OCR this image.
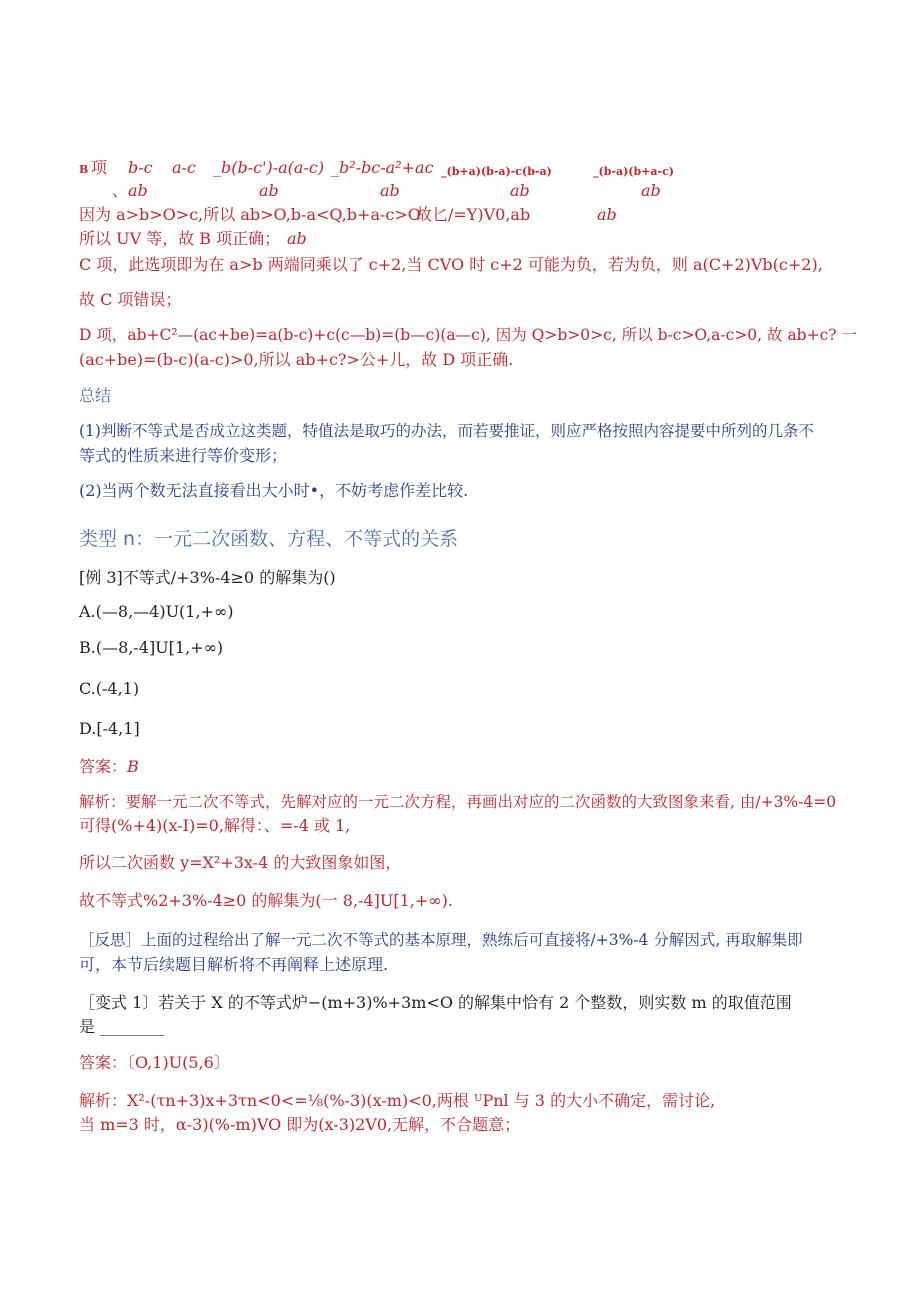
B 项 b-c a-c _b(b-c')-a(a-c) _b²-bc-a²+ac _(b+a)(b-a)-c(b-a)	_(b-a)(b+a-c)
、 ab	ab	ab	ab	ab
因为 a>b>O>c,所以 ab>O,b-a<Q,b+a-c>O
故匕/=Y)V0,ab	ab
所以 UV 等，故 B 项正确； ab
C 项，此选项即为在 a>b 两端同乘以了 c+2,当 CVO 时 c+2 可能为负，若为负，则 a(C+2)Vb(c+2),
故 C 项错误；
D 项，ab+C²—(ac+be)=a(b-c)+c(c—b)=(b—c)(a—c), 因为 Q>b>0>c, 所以 b-c>O,a-c>0, 故 ab+c? 一
(ac+be)=(b-c)(a-c)>0,所以 ab+c?>公+儿，故 D 项正确.
总结
(1)判断不等式是否成立这类题，特值法是取巧的办法，而若要推证，则应严格按照内容提要中所列的几条不
等式的性质来进行等价变形；
(2)当两个数无法直接看出大小时•，不妨考虑作差比较.
类型 n：一元二次函数、方程、不等式的关系
[例 3]不等式/+3%-4≥0 的解集为()
A.(—8,—4)U(1,+∞)
B.(—8,-4]U[1,+∞)
C.(-4,1)
D.[-4,1]
答案：B
解析：要解一元二次不等式，先解对应的一元二次方程，再画出对应的二次函数的大致图象来看, 由/+3%-4=0
可得(%+4)(x-I)=0,解得：、=-4 或 1,
所以二次函数 y=X²+3x-4 的大致图象如图，
故不等式%2+3%-4≥0 的解集为(一 8,-4]U[1,+∞).
［反思］上面的过程给出了解一元二次不等式的基本原理，熟练后可直接将/+3%-4 分解因式, 再取解集即
可，本节后续题目解析将不再阐释上述原理.
［变式 1〕若关于 X 的不等式炉−(m+3)%+3m<O 的解集中恰有 2 个整数，则实数 m 的取值范围
是 ________
答案：〔O,1)U(5,6〕
解析：X²-(τn+3)x+3τn<0<=⅛(%-3)(x-m)<0,两根 ᵁPnl 与 3 的大小不确定，需讨论,
当 m=3 时，α-3)(%-m)VO 即为(x-3)2V0,无解，不合题意；
